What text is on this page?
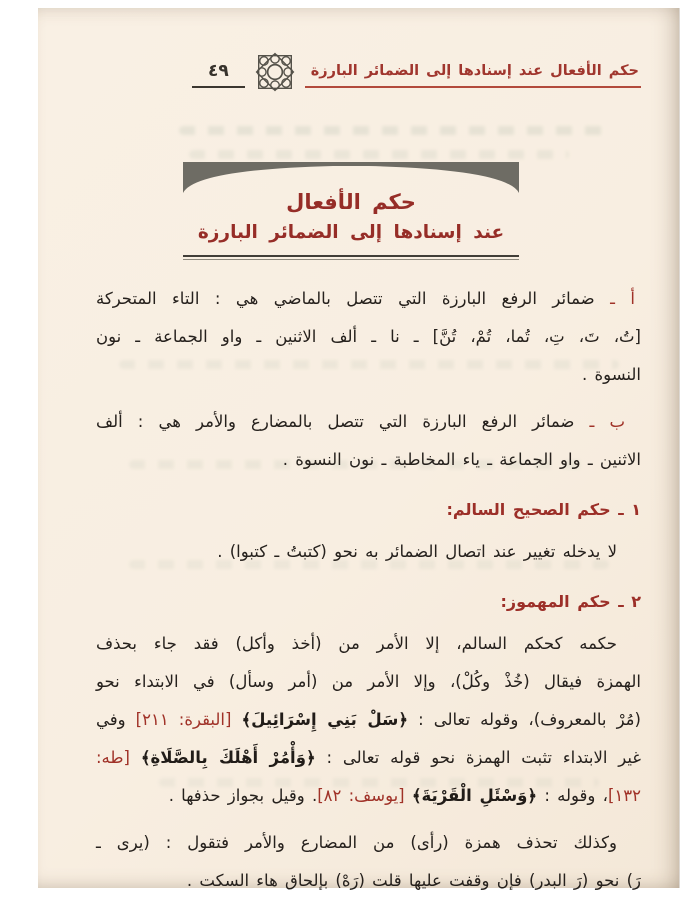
حكم الأفعال عند إسنادها إلى الضمائر البارزة
٤٩
حكم الأفعال
عند إسنادها إلى الضمائر البارزة
أ ـ ضمائر الرفع البارزة التي تتصل بالماضي هي : التاء المتحركة
[تُ، تَ، تِ، تُما، تُمْ، تُنَّ] ـ نا ـ ألف الاثنين ـ واو الجماعة ـ نون
النسوة .
ب ـ ضمائر الرفع البارزة التي تتصل بالمضارع والأمر هي : ألف
الاثنين ـ واو الجماعة ـ ياء المخاطبة ـ نون النسوة .
١ ـ حكم الصحيح السالم:
لا يدخله تغيير عند اتصال الضمائر به نحو (كتبتُ ـ كتبوا) .
٢ ـ حكم المهموز:
حكمه كحكم السالم، إلا الأمر من (أخذ وأكل) فقد جاء بحذف
الهمزة فيقال (خُذْ وكُلْ)، وإلا الأمر من (أمر وسأل) في الابتداء نحو
(مُرْ بالمعروف)، وقوله تعالى : ﴿سَلْ بَنِي إِسْرَائِيلَ﴾ [البقرة: ٢١١] وفي
غير الابتداء تثبت الهمزة نحو قوله تعالى : ﴿وَأْمُرْ أَهْلَكَ بِالصَّلَاةِ﴾ [طه:
١٣٢]، وقوله : ﴿وَسْئَلِ الْقَرْيَةَ﴾ [يوسف: ٨٢]. وقيل بجواز حذفها .
وكذلك تحذف همزة (رأى) من المضارع والأمر فتقول : (يرى ـ
رَ) نحو (رَ البدر) فإن وقفت عليها قلت (رَهْ) بإلحاق هاء السكت .
